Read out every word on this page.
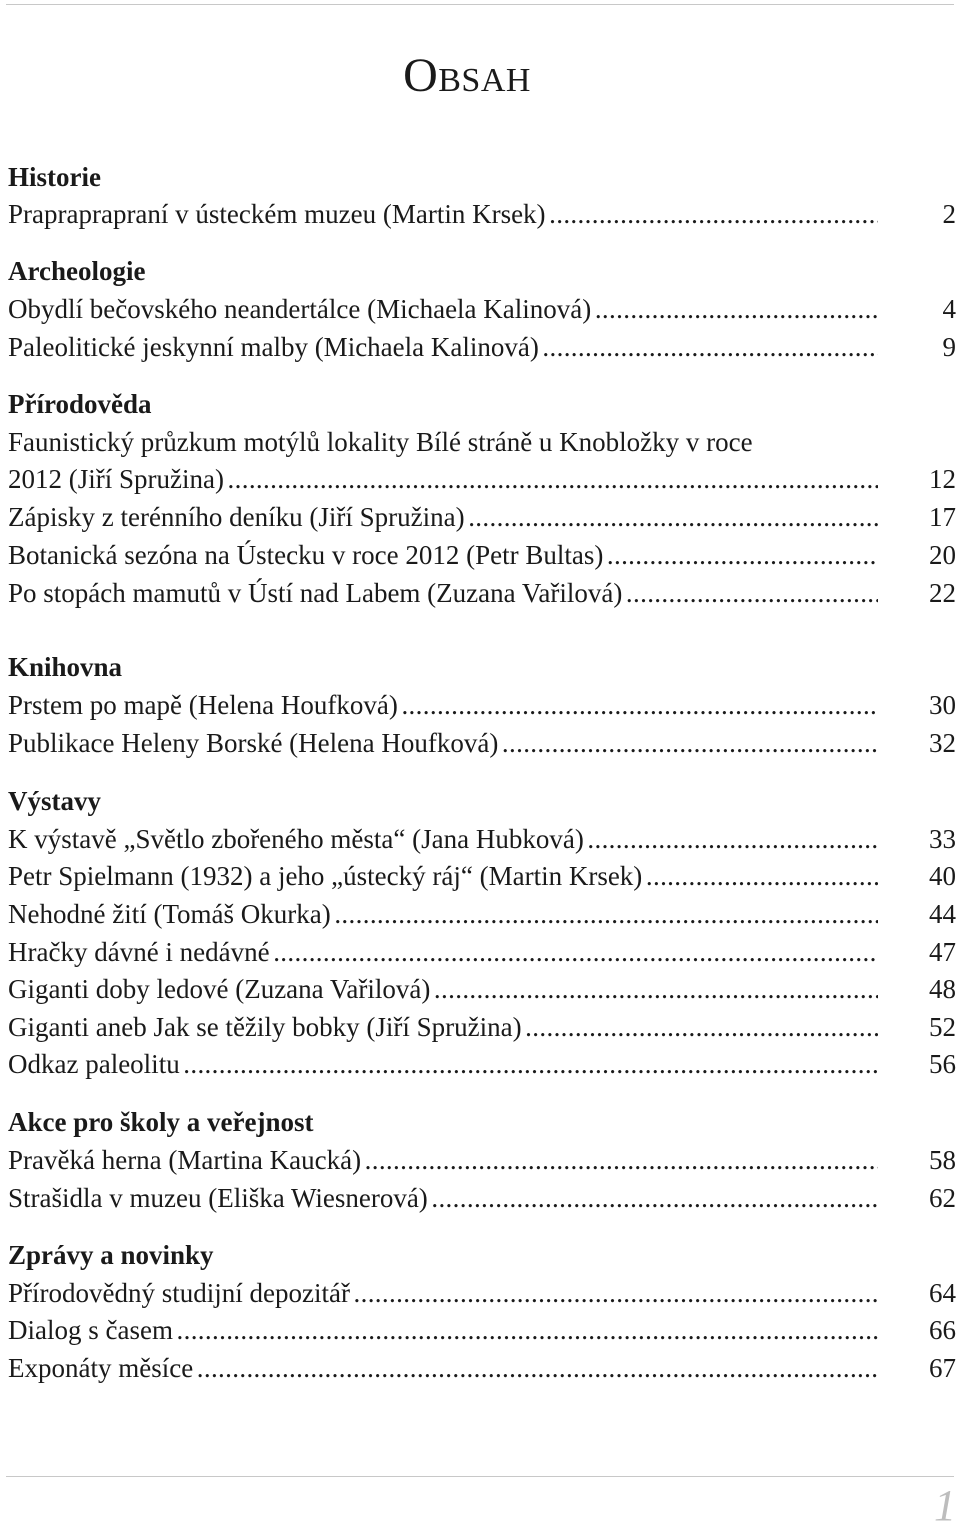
Obsah
Historie
Prapraprapraní v ústeckém muzeu (Martin Krsek) . . .	2
Archeologie
Obydlí bečovského neandertálce (Michaela Kalinová) . . .	4
Paleolitické jeskynní malby (Michaela Kalinová) . . .	9
Přírodověda
Faunistický průzkum motýlů lokality Bílé stráně u Knobložky v roce
2012 (Jiří Spružina) . . .	12
Zápisky z terénního deníku (Jiří Spružina) . . .	17
Botanická sezóna na Ústecku v roce 2012 (Petr Bultas) . . .	20
Po stopách mamutů v Ústí nad Labem (Zuzana Vařilová) . . .	22
Knihovna
Prstem po mapě (Helena Houfková) . . .	30
Publikace Heleny Borské (Helena Houfková) . . .	32
Výstavy
K výstavě „Světlo zbořeného města“ (Jana Hubková) . . .	33
Petr Spielmann (1932) a jeho „ústecký ráj“ (Martin Krsek) . . .	40
Nehodné žití (Tomáš Okurka) . . .	44
Hračky dávné i nedávné . . .	47
Giganti doby ledové (Zuzana Vařilová) . . .	48
Giganti aneb Jak se těžily bobky (Jiří Spružina) . . .	52
Odkaz paleolitu . . .	56
Akce pro školy a veřejnost
Pravěká herna (Martina Kaucká) . . .	58
Strašidla v muzeu (Eliška Wiesnerová) . . .	62
Zprávy a novinky
Přírodovědný studijní depozitář . . .	64
Dialog s časem . . .	66
Exponáty měsíce . . .	67
1
